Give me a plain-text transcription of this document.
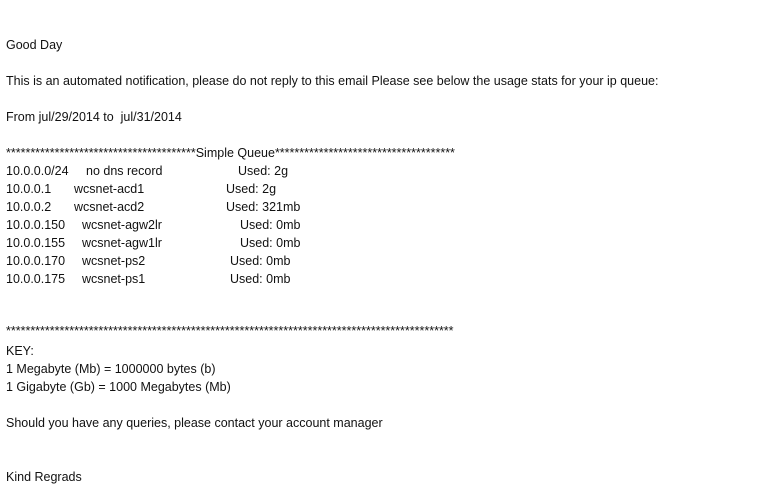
Good Day
This is an automated notification, please do not reply to this email Please see below the usage stats for your ip queue:
From jul/29/2014 to  jul/31/2014
***************************************Simple Queue*************************************
10.0.0.0/24 no dns record	Used: 2g
10.0.0.1 wcsnet-acd1	Used: 2g
10.0.0.2 wcsnet-acd2	Used: 321mb
10.0.0.150 wcsnet-agw2lr	Used: 0mb
10.0.0.155 wcsnet-agw1lr	Used: 0mb
10.0.0.170 wcsnet-ps2	Used: 0mb
10.0.0.175 wcsnet-ps1	Used: 0mb
********************************************************************************************
KEY:
1 Megabyte (Mb) = 1000000 bytes (b)
1 Gigabyte (Gb) = 1000 Megabytes (Mb)
Should you have any queries, please contact your account manager
Kind Regrads
